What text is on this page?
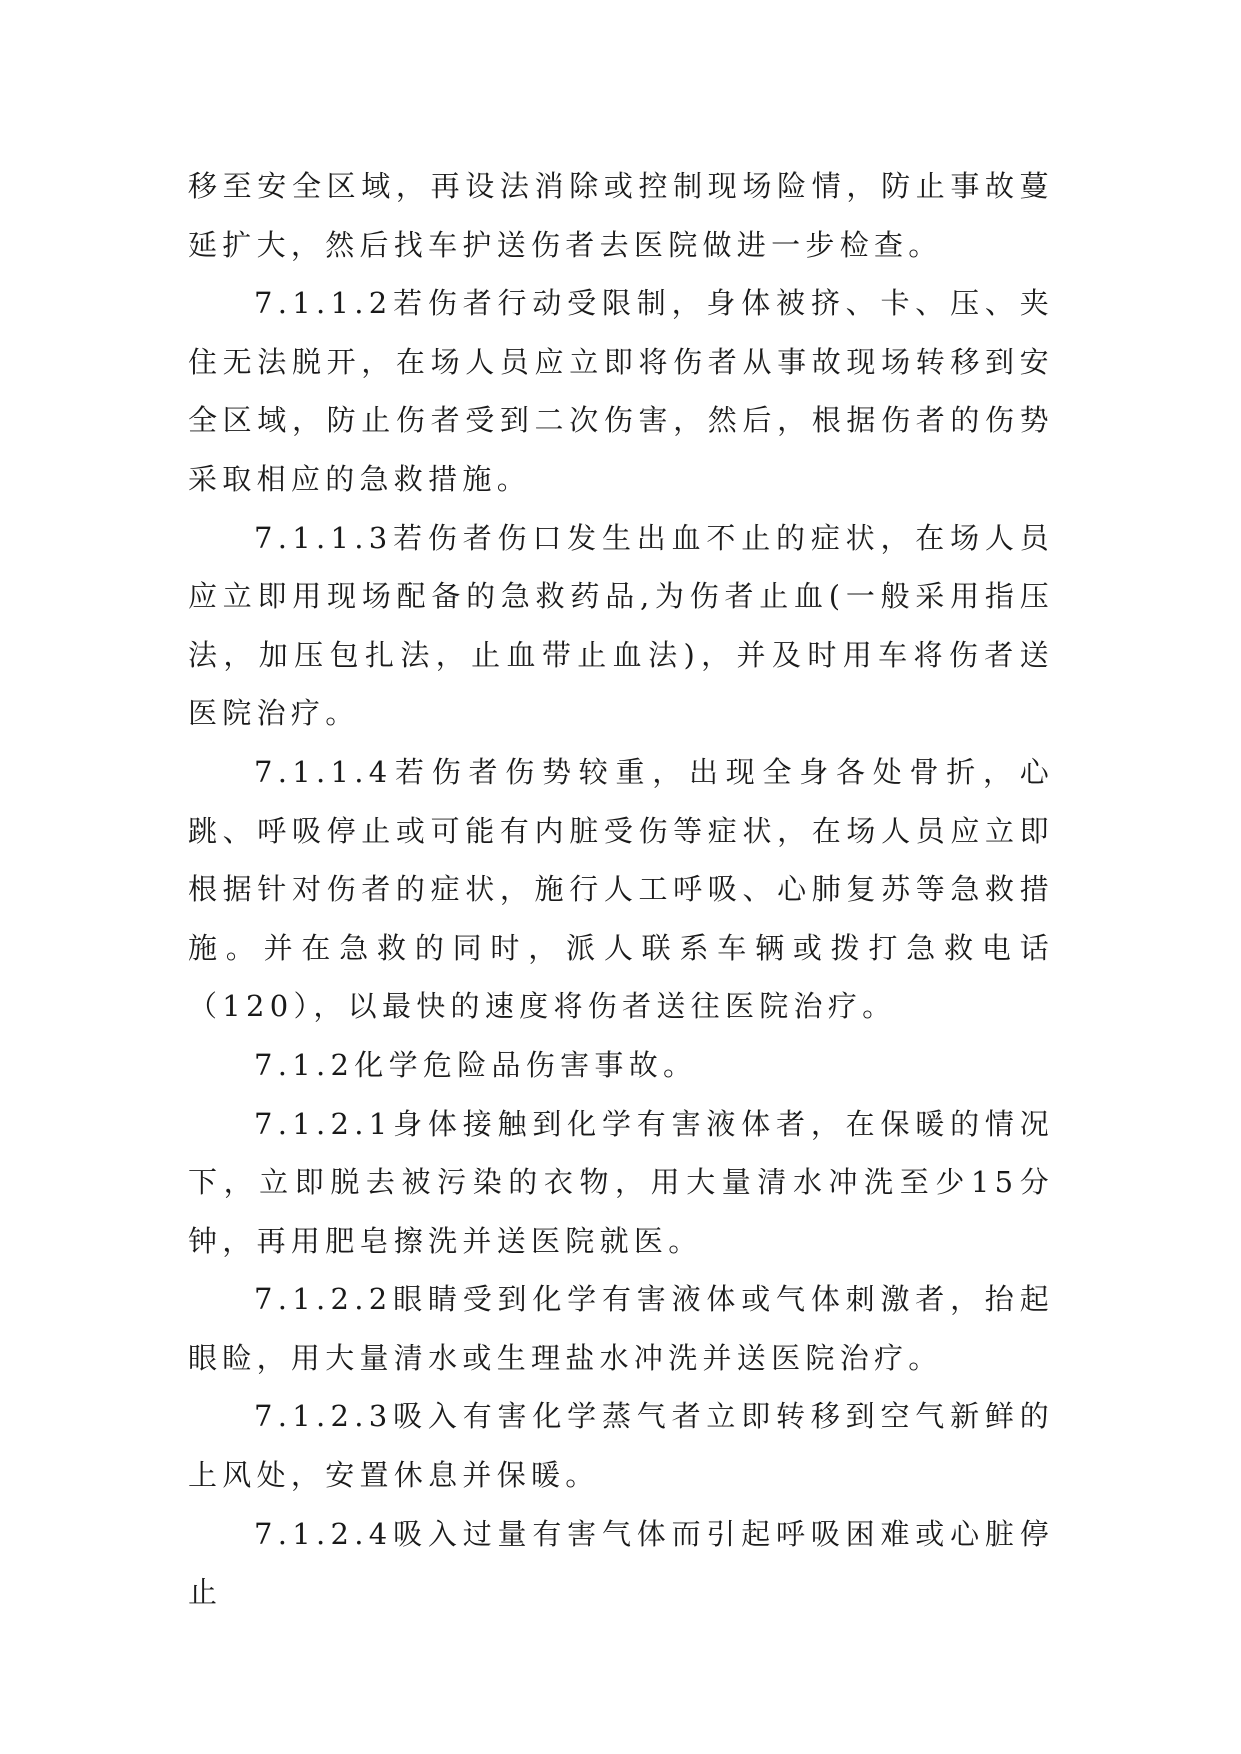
移至安全区域，再设法消除或控制现场险情，防止事故蔓延扩大，然后找车护送伤者去医院做进一步检查。

7.1.1.2若伤者行动受限制，身体被挤、卡、压、夹住无法脱开，在场人员应立即将伤者从事故现场转移到安全区域，防止伤者受到二次伤害，然后，根据伤者的伤势采取相应的急救措施。

7.1.1.3若伤者伤口发生出血不止的症状，在场人员应立即用现场配备的急救药品,为伤者止血(一般采用指压法，加压包扎法，止血带止血法)，并及时用车将伤者送医院治疗。

7.1.1.4若伤者伤势较重，出现全身各处骨折，心跳、呼吸停止或可能有内脏受伤等症状，在场人员应立即根据针对伤者的症状，施行人工呼吸、心肺复苏等急救措施。并在急救的同时，派人联系车辆或拨打急救电话（120），以最快的速度将伤者送往医院治疗。

7.1.2化学危险品伤害事故。

7.1.2.1身体接触到化学有害液体者，在保暖的情况下，立即脱去被污染的衣物，用大量清水冲洗至少15分钟，再用肥皂擦洗并送医院就医。

7.1.2.2眼睛受到化学有害液体或气体刺激者，抬起眼睑，用大量清水或生理盐水冲洗并送医院治疗。

7.1.2.3吸入有害化学蒸气者立即转移到空气新鲜的上风处，安置休息并保暖。

7.1.2.4吸入过量有害气体而引起呼吸困难或心脏停止
